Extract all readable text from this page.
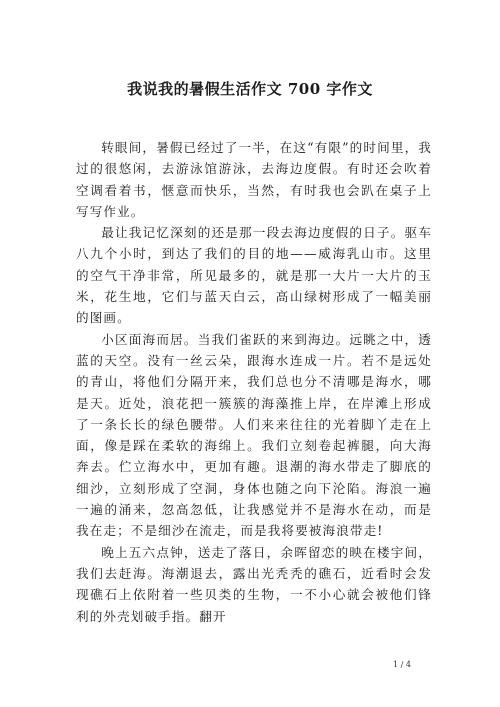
我说我的暑假生活作文 700 字作文

转眼间，暑假已经过了一半，在这“有限”的时间里，我过的很悠闲，去游泳馆游泳，去海边度假。有时还会吹着空调看着书，惬意而快乐，当然，有时我也会趴在桌子上写写作业。

最让我记忆深刻的还是那一段去海边度假的日子。驱车八九个小时，到达了我们的目的地——威海乳山市。这里的空气干净非常，所见最多的，就是那一大片一大片的玉米，花生地，它们与蓝天白云，高山绿树形成了一幅美丽的图画。

小区面海而居。当我们雀跃的来到海边。远眺之中，透蓝的天空。没有一丝云朵，跟海水连成一片。若不是远处的青山，将他们分隔开来，我们总也分不清哪是海水，哪是天。近处，浪花把一簇簇的海藻推上岸，在岸滩上形成了一条长长的绿色腰带。人们来来往往的光着脚丫走在上面，像是踩在柔软的海绵上。我们立刻卷起裤腿，向大海奔去。伫立海水中，更加有趣。退潮的海水带走了脚底的细沙，立刻形成了空洞，身体也随之向下沦陷。海浪一遍一遍的涌来，忽高忽低，让我感觉并不是海水在动，而是我在走；不是细沙在流走，而是我将要被海浪带走!

晚上五六点钟，送走了落日，余晖留恋的映在楼宇间，我们去赶海。海潮退去，露出光秃秃的礁石，近看时会发现礁石上依附着一些贝类的生物，一不小心就会被他们锋利的外壳划破手指。翻开

1 / 4
